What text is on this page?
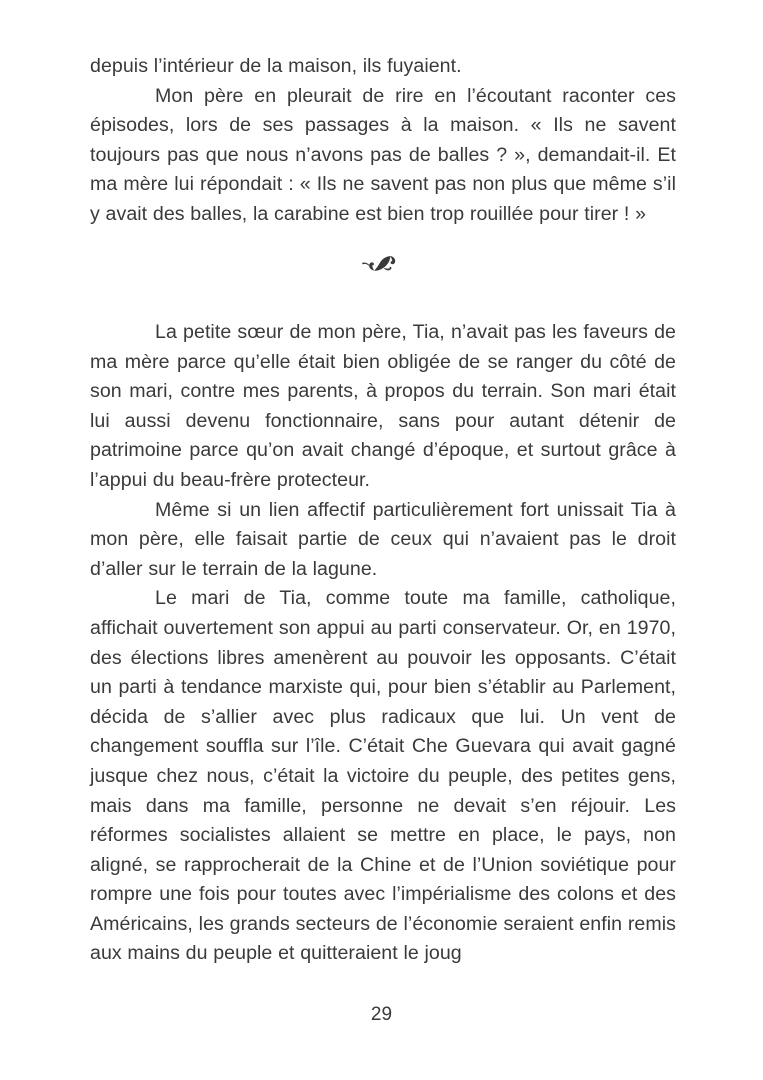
depuis l’intérieur de la maison, ils fuyaient.

Mon père en pleurait de rire en l’écoutant raconter ces épisodes, lors de ses passages à la maison. « Ils ne savent toujours pas que nous n’avons pas de balles ? », demandait-il. Et ma mère lui répondait : « Ils ne savent pas non plus que même s’il y avait des balles, la carabine est bien trop rouillée pour tirer ! »

La petite sœur de mon père, Tia, n’avait pas les faveurs de ma mère parce qu’elle était bien obligée de se ranger du côté de son mari, contre mes parents, à propos du terrain. Son mari était lui aussi devenu fonctionnaire, sans pour autant détenir de patrimoine parce qu’on avait changé d’époque, et surtout grâce à l’appui du beau-frère protecteur.

Même si un lien affectif particulièrement fort unissait Tia à mon père, elle faisait partie de ceux qui n’avaient pas le droit d’aller sur le terrain de la lagune.

Le mari de Tia, comme toute ma famille, catholique, affichait ouvertement son appui au parti conservateur. Or, en 1970, des élections libres amenèrent au pouvoir les opposants. C’était un parti à tendance marxiste qui, pour bien s’établir au Parlement, décida de s’allier avec plus radicaux que lui. Un vent de changement souffla sur l’île. C’était Che Guevara qui avait gagné jusque chez nous, c’était la victoire du peuple, des petites gens, mais dans ma famille, personne ne devait s’en réjouir. Les réformes socialistes allaient se mettre en place, le pays, non aligné, se rapprocherait de la Chine et de l’Union soviétique pour rompre une fois pour toutes avec l’impérialisme des colons et des Américains, les grands secteurs de l’économie seraient enfin remis aux mains du peuple et quitteraient le joug

29
